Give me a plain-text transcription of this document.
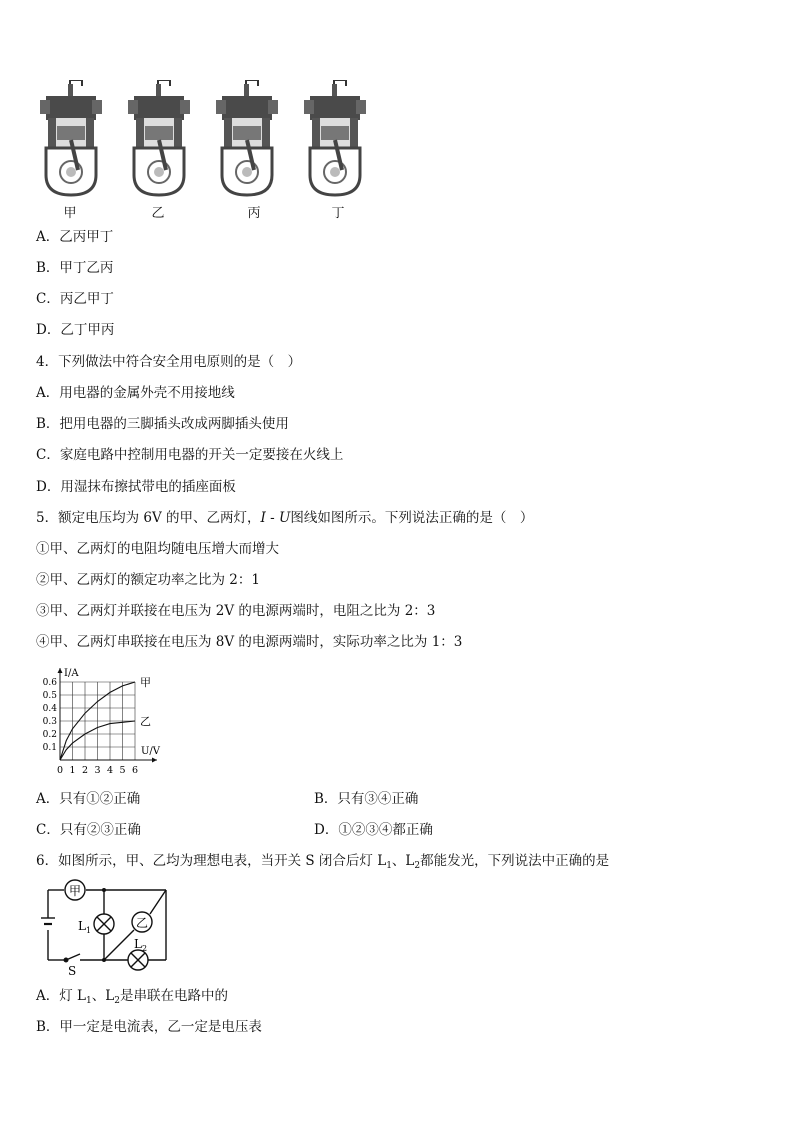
甲	乙	丙	丁
A．乙丙甲丁
B．甲丁乙丙
C．丙乙甲丁
D．乙丁甲丙
4．下列做法中符合安全用电原则的是（　）
A．用电器的金属外壳不用接地线
B．把用电器的三脚插头改成两脚插头使用
C．家庭电路中控制用电器的开关一定要接在火线上
D．用湿抹布擦拭带电的插座面板
5．额定电压均为 6V 的甲、乙两灯，I - U图线如图所示。下列说法正确的是（　）
①甲、乙两灯的电阻均随电压增大而增大
②甲、乙两灯的额定功率之比为 2：1
③甲、乙两灯并联接在电压为 2V 的电源两端时，电阻之比为 2：3
④甲、乙两灯串联接在电压为 8V 的电源两端时，实际功率之比为 1：3
0 1 2 3 4 5 6
0.1
0.2
0.3
0.4
0.5
0.6
I/A
U/V
甲
乙
A．只有①②正确	B．只有③④正确
C．只有②③正确	D．①②③④都正确
6．如图所示，甲、乙均为理想电表，当开关 S 闭合后灯 $L_1$、$L_2$都能发光，下列说法中正确的是
甲
乙
$L_1$
$L_2$
S
A．灯 $L_1$、$L_2$是串联在电路中的
B．甲一定是电流表，乙一定是电压表
